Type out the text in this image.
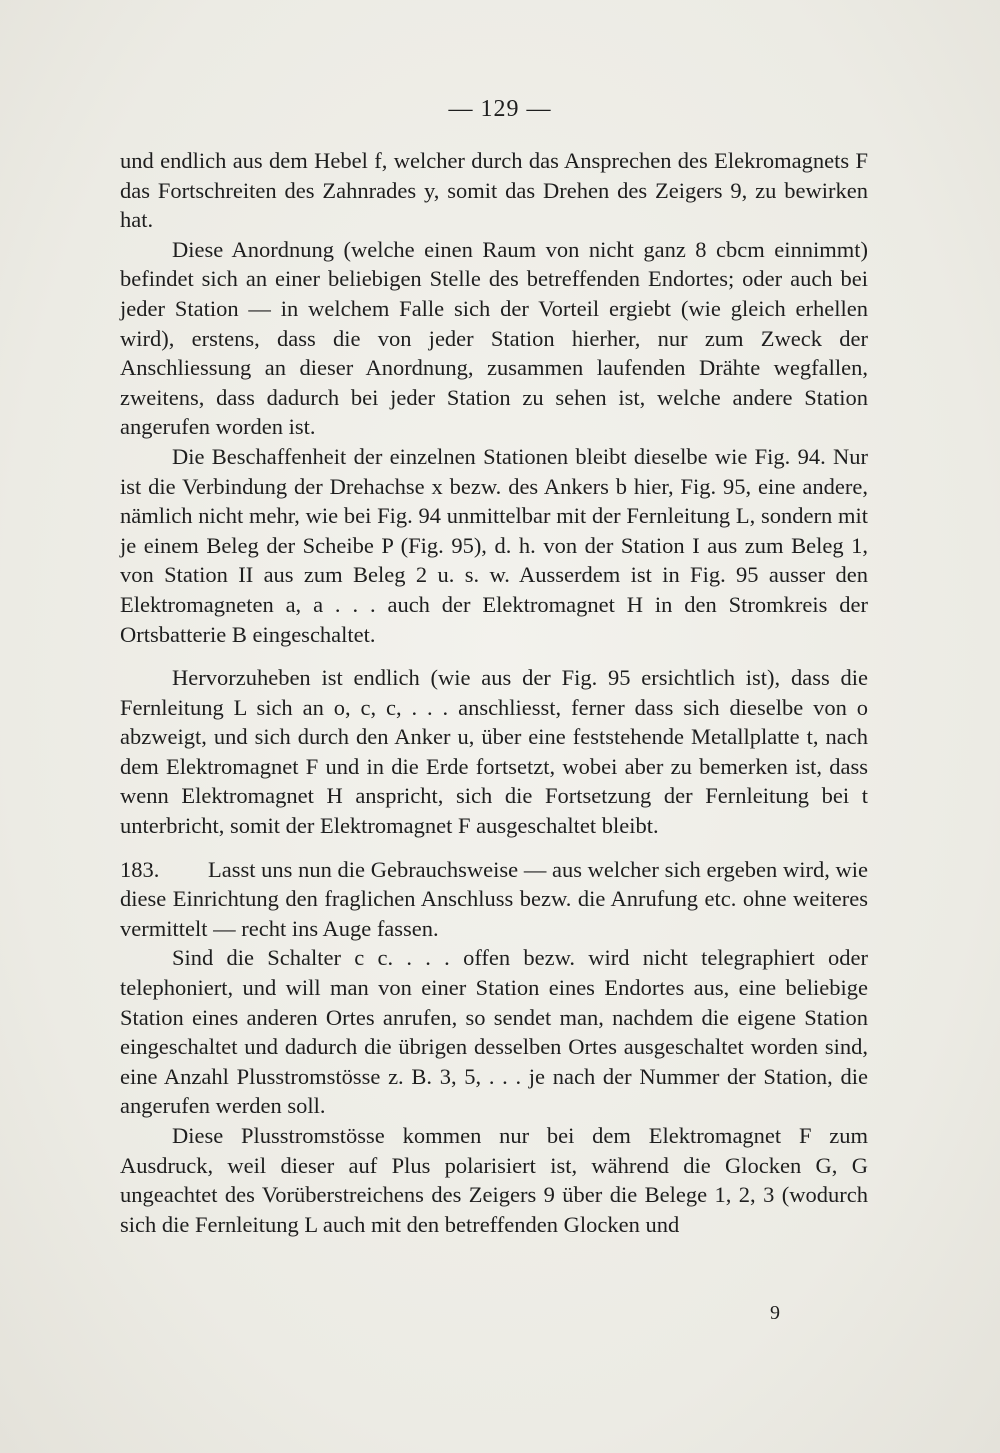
— 129 —

und endlich aus dem Hebel f, welcher durch das Ansprechen des Elekromagnets F das Fortschreiten des Zahnrades y, somit das Drehen des Zeigers 9, zu bewirken hat.

Diese Anordnung (welche einen Raum von nicht ganz 8 cbcm einnimmt) befindet sich an einer beliebigen Stelle des betreffenden Endortes; oder auch bei jeder Station — in welchem Falle sich der Vorteil ergiebt (wie gleich erhellen wird), erstens, dass die von jeder Station hierher, nur zum Zweck der Anschliessung an dieser Anordnung, zusammen laufenden Drähte wegfallen, zweitens, dass dadurch bei jeder Station zu sehen ist, welche andere Station angerufen worden ist.

Die Beschaffenheit der einzelnen Stationen bleibt dieselbe wie Fig. 94. Nur ist die Verbindung der Drehachse x bezw. des Ankers b hier, Fig. 95, eine andere, nämlich nicht mehr, wie bei Fig. 94 unmittelbar mit der Fernleitung L, sondern mit je einem Beleg der Scheibe P (Fig. 95), d. h. von der Station I aus zum Beleg 1, von Station II aus zum Beleg 2 u. s. w. Ausserdem ist in Fig. 95 ausser den Elektromagneten a, a . . . auch der Elektromagnet H in den Stromkreis der Ortsbatterie B eingeschaltet.

Hervorzuheben ist endlich (wie aus der Fig. 95 ersichtlich ist), dass die Fernleitung L sich an o, c, c, . . . anschliesst, ferner dass sich dieselbe von o abzweigt, und sich durch den Anker u, über eine feststehende Metallplatte t, nach dem Elektromagnet F und in die Erde fortsetzt, wobei aber zu bemerken ist, dass wenn Elektromagnet H anspricht, sich die Fortsetzung der Fernleitung bei t unterbricht, somit der Elektromagnet F ausgeschaltet bleibt.

183. Lasst uns nun die Gebrauchsweise — aus welcher sich ergeben wird, wie diese Einrichtung den fraglichen Anschluss bezw. die Anrufung etc. ohne weiteres vermittelt — recht ins Auge fassen.

Sind die Schalter c c. . . . offen bezw. wird nicht telegraphiert oder telephoniert, und will man von einer Station eines Endortes aus, eine beliebige Station eines anderen Ortes anrufen, so sendet man, nachdem die eigene Station eingeschaltet und dadurch die übrigen desselben Ortes ausgeschaltet worden sind, eine Anzahl Plusstromstösse z. B. 3, 5, . . . je nach der Nummer der Station, die angerufen werden soll.

Diese Plusstromstösse kommen nur bei dem Elektromagnet F zum Ausdruck, weil dieser auf Plus polarisiert ist, während die Glocken G, G ungeachtet des Vorüberstreichens des Zeigers 9 über die Belege 1, 2, 3 (wodurch sich die Fernleitung L auch mit den betreffenden Glocken und

9
